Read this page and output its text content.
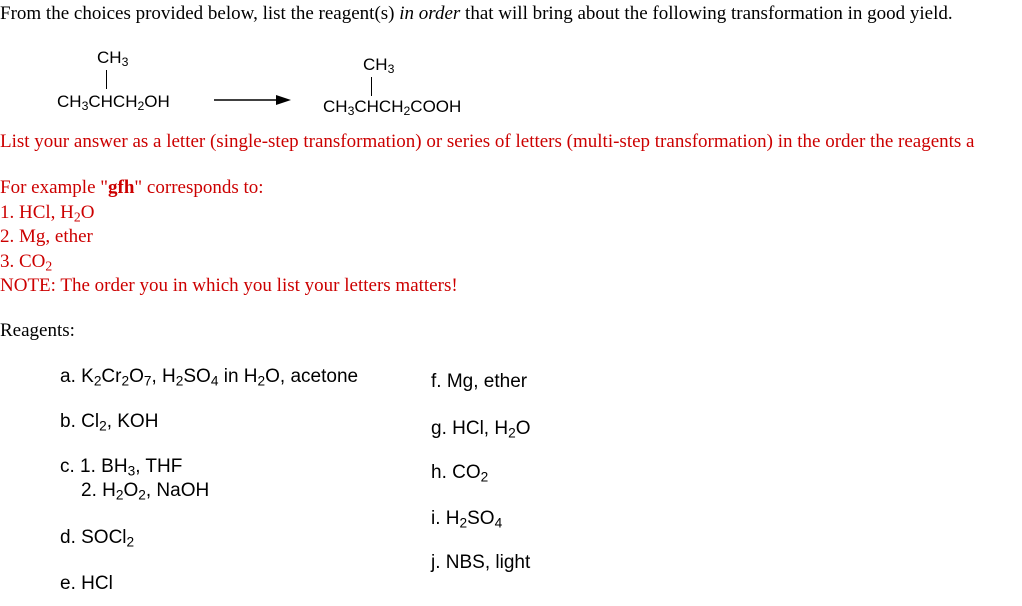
From the choices provided below, list the reagent(s) in order that will bring about the following transformation in good yield.
$CH_3$
$CH_3CHCH_2OH$
$CH_3$
$CH_3CHCH_2COOH$
List your answer as a letter (single-step transformation) or series of letters (multi-step transformation) in the order the reagents a
For example "gfh" corresponds to:
1. HCl, $H_2O$
2. Mg, ether
3. $CO_2$
NOTE: The order you in which you list your letters matters!
Reagents:
a. $K_2Cr_2O_7$, $H_2SO_4$ in $H_2O$, acetone
b. $Cl_2$, KOH
c. 1. $BH_3$, THF
2. $H_2O_2$, NaOH
d. SOCl$_2$
e. HCl
f. Mg, ether
g. HCl, $H_2O$
h. $CO_2$
i. $H_2SO_4$
j. NBS, light
